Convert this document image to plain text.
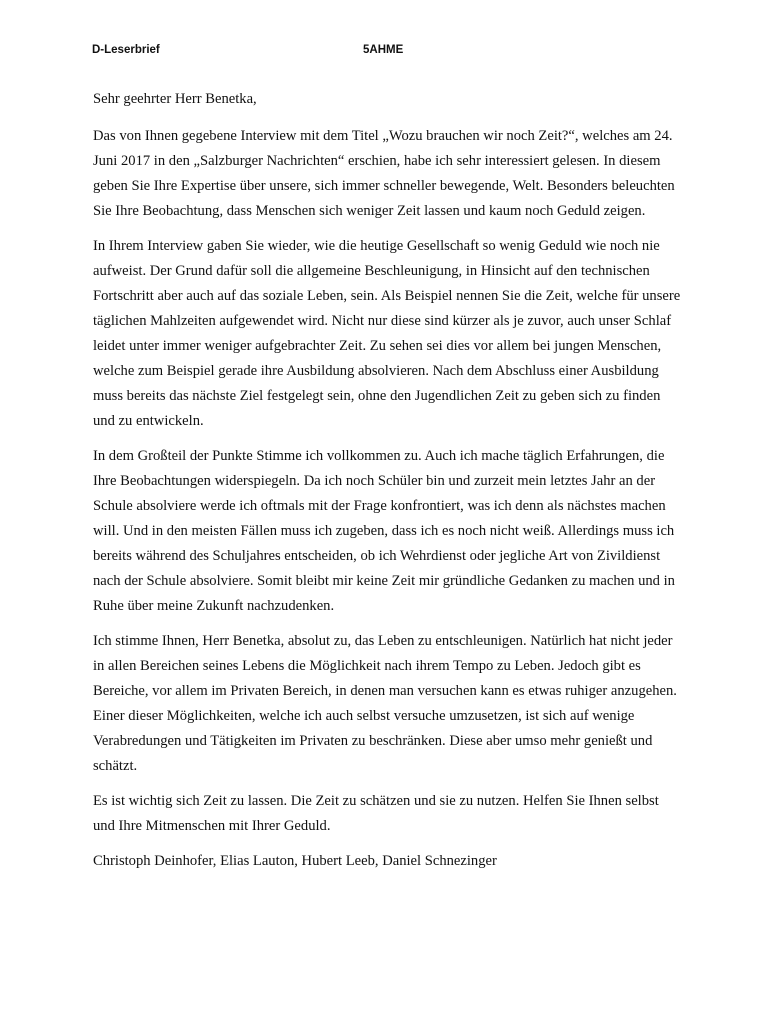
D-Leserbrief	5AHME

Sehr geehrter Herr Benetka,

Das von Ihnen gegebene Interview mit dem Titel „Wozu brauchen wir noch Zeit?“, welches am 24. Juni 2017 in den „Salzburger Nachrichten“ erschien, habe ich sehr interessiert gelesen. In diesem geben Sie Ihre Expertise über unsere, sich immer schneller bewegende, Welt. Besonders beleuchten Sie Ihre Beobachtung, dass Menschen sich weniger Zeit lassen und kaum noch Geduld zeigen.

In Ihrem Interview gaben Sie wieder, wie die heutige Gesellschaft so wenig Geduld wie noch nie aufweist. Der Grund dafür soll die allgemeine Beschleunigung, in Hinsicht auf den technischen Fortschritt aber auch auf das soziale Leben, sein. Als Beispiel nennen Sie die Zeit, welche für unsere täglichen Mahlzeiten aufgewendet wird. Nicht nur diese sind kürzer als je zuvor, auch unser Schlaf leidet unter immer weniger aufgebrachter Zeit. Zu sehen sei dies vor allem bei jungen Menschen, welche zum Beispiel gerade ihre Ausbildung absolvieren. Nach dem Abschluss einer Ausbildung muss bereits das nächste Ziel festgelegt sein, ohne den Jugendlichen Zeit zu geben sich zu finden und zu entwickeln.

In dem Großteil der Punkte Stimme ich vollkommen zu. Auch ich mache täglich Erfahrungen, die Ihre Beobachtungen widerspiegeln. Da ich noch Schüler bin und zurzeit mein letztes Jahr an der Schule absolviere werde ich oftmals mit der Frage konfrontiert, was ich denn als nächstes machen will. Und in den meisten Fällen muss ich zugeben, dass ich es noch nicht weiß. Allerdings muss ich bereits während des Schuljahres entscheiden, ob ich Wehrdienst oder jegliche Art von Zivildienst nach der Schule absolviere. Somit bleibt mir keine Zeit mir gründliche Gedanken zu machen und in Ruhe über meine Zukunft nachzudenken.

Ich stimme Ihnen, Herr Benetka, absolut zu, das Leben zu entschleunigen. Natürlich hat nicht jeder in allen Bereichen seines Lebens die Möglichkeit nach ihrem Tempo zu Leben. Jedoch gibt es Bereiche, vor allem im Privaten Bereich, in denen man versuchen kann es etwas ruhiger anzugehen. Einer dieser Möglichkeiten, welche ich auch selbst versuche umzusetzen, ist sich auf wenige Verabredungen und Tätigkeiten im Privaten zu beschränken. Diese aber umso mehr genießt und schätzt.

Es ist wichtig sich Zeit zu lassen. Die Zeit zu schätzen und sie zu nutzen. Helfen Sie Ihnen selbst und Ihre Mitmenschen mit Ihrer Geduld.

Christoph Deinhofer, Elias Lauton, Hubert Leeb, Daniel Schnezinger
